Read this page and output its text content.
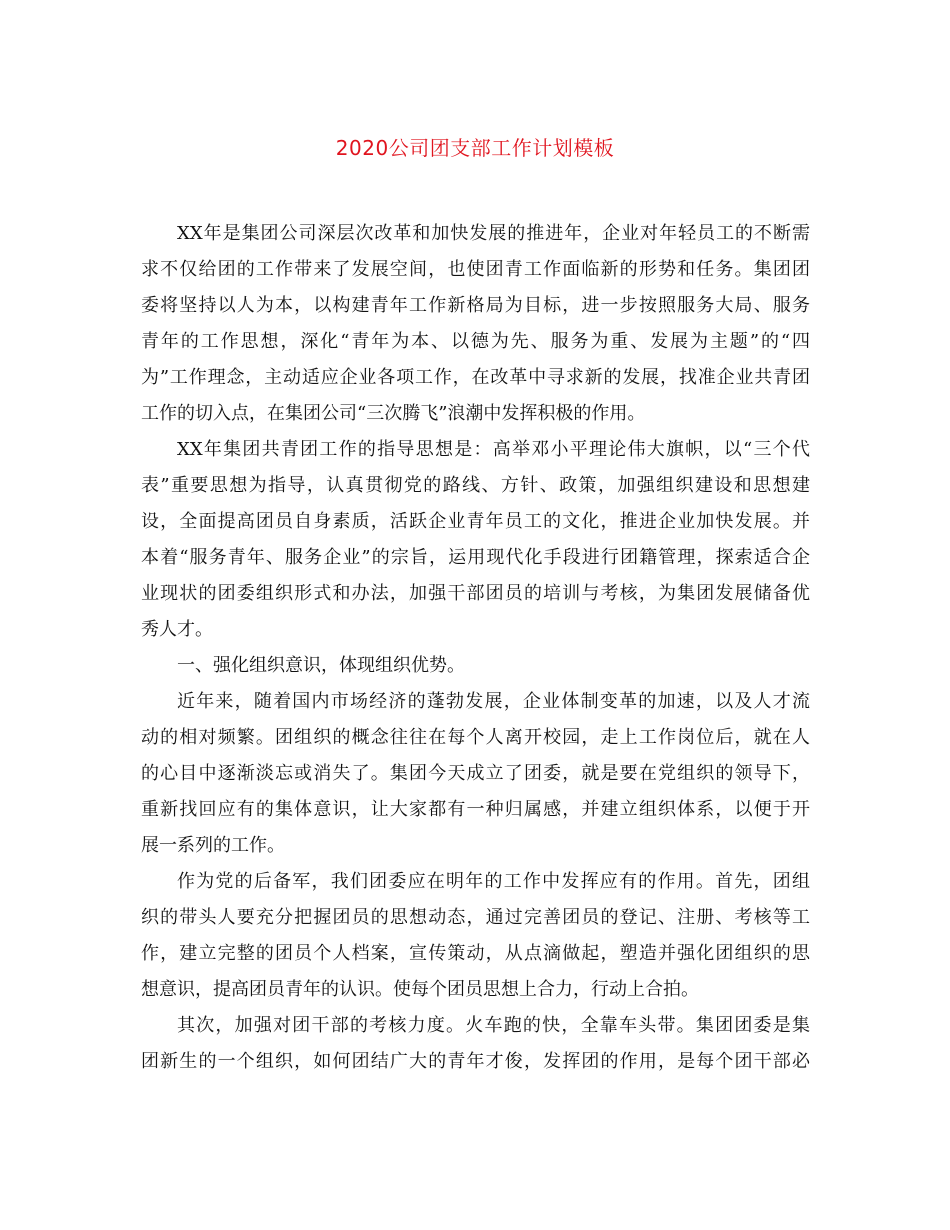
2020公司团支部工作计划模板
XX年是集团公司深层次改革和加快发展的推进年，企业对年轻员工的不断需
求不仅给团的工作带来了发展空间，也使团青工作面临新的形势和任务。集团团
委将坚持以人为本，以构建青年工作新格局为目标，进一步按照服务大局、服务
青年的工作思想，深化“青年为本、以德为先、服务为重、发展为主题”的“四
为”工作理念，主动适应企业各项工作，在改革中寻求新的发展，找准企业共青团
工作的切入点，在集团公司“三次腾飞”浪潮中发挥积极的作用。
XX年集团共青团工作的指导思想是：高举邓小平理论伟大旗帜，以“三个代
表”重要思想为指导，认真贯彻党的路线、方针、政策，加强组织建设和思想建
设，全面提高团员自身素质，活跃企业青年员工的文化，推进企业加快发展。并
本着“服务青年、服务企业”的宗旨，运用现代化手段进行团籍管理，探索适合企
业现状的团委组织形式和办法，加强干部团员的培训与考核，为集团发展储备优
秀人才。
一、强化组织意识，体现组织优势。
近年来，随着国内市场经济的蓬勃发展，企业体制变革的加速，以及人才流
动的相对频繁。团组织的概念往往在每个人离开校园，走上工作岗位后，就在人
的心目中逐渐淡忘或消失了。集团今天成立了团委，就是要在党组织的领导下，
重新找回应有的集体意识，让大家都有一种归属感，并建立组织体系，以便于开
展一系列的工作。
作为党的后备军，我们团委应在明年的工作中发挥应有的作用。首先，团组
织的带头人要充分把握团员的思想动态，通过完善团员的登记、注册、考核等工
作，建立完整的团员个人档案，宣传策动，从点滴做起，塑造并强化团组织的思
想意识，提高团员青年的认识。使每个团员思想上合力，行动上合拍。
其次，加强对团干部的考核力度。火车跑的快，全靠车头带。集团团委是集
团新生的一个组织，如何团结广大的青年才俊，发挥团的作用，是每个团干部必
